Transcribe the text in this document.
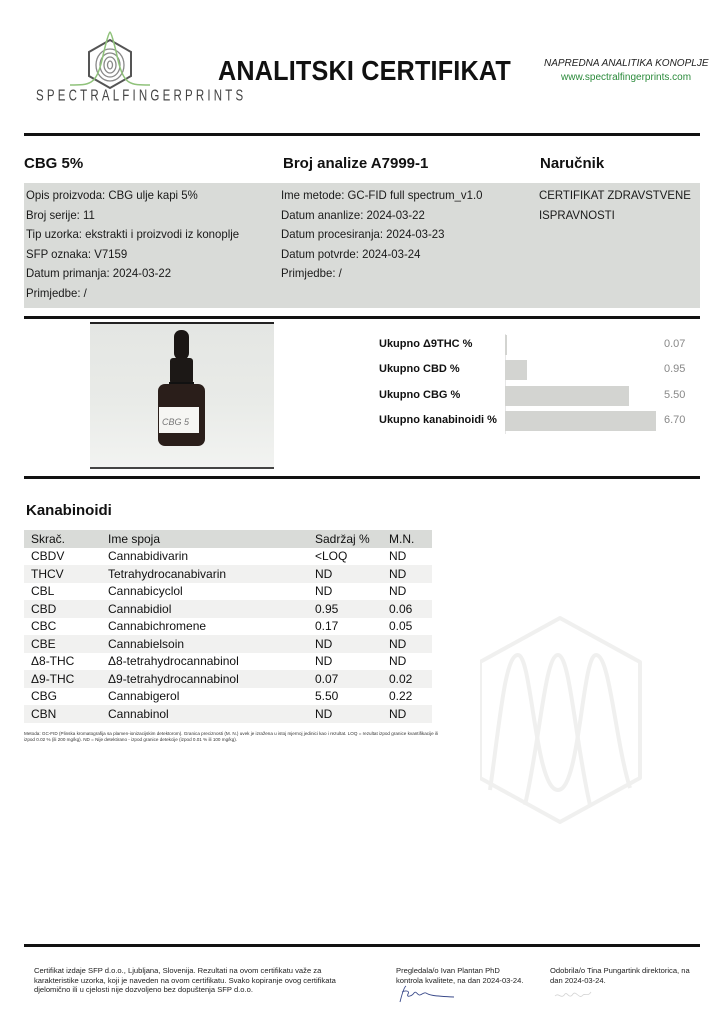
SPECTRALFINGERPRINTS
ANALITSKI CERTIFIKAT	NAPREDNA ANALITIKA KONOPLJE
www.spectralfingerprints.com
CBG 5%	Broj analize A7999-1	Naručnik
Opis proizvoda: CBG ulje kapi 5%
Broj serije: 11
Tip uzorka: ekstrakti i proizvodi iz konoplje
SFP oznaka: V7159
Datum primanja: 2024-03-22
Primjedbe: /
Ime metode: GC-FID full spectrum_v1.0
Datum ananlize: 2024-03-22
Datum procesiranja: 2024-03-23
Datum potvrde: 2024-03-24
Primjedbe: /
CERTIFIKAT ZDRAVSTVENE
ISPRAVNOSTI
CBG 5
Ukupno Δ9THC %	0.07
Ukupno CBD %	0.95
Ukupno CBG %	5.50
Ukupno kanabinoidi %	6.70
Kanabinoidi
Skrač.	Ime spoja	Sadržaj %	M.N.
CBDV	Cannabidivarin	<LOQ	ND
THCV	Tetrahydrocanabivarin	ND	ND
CBL	Cannabicyclol	ND	ND
CBD	Cannabidiol	0.95	0.06
CBC	Cannabichromene	0.17	0.05
CBE	Cannabielsoin	ND	ND
Δ8-THC	Δ8-tetrahydrocannabinol	ND	ND
Δ9-THC	Δ9-tetrahydrocannabinol	0.07	0.02
CBG	Cannabigerol	5.50	0.22
CBN	Cannabinol	ND	ND
Metoda: GC-FID (Plinska kromatografija sa plamen-ionizacijskim detektorom). Granica preciznosti (M. N.) uvek je izražena u istoj mjernoj jedinici kao i rezultat. LOQ = rezultat izpod granice kvantifikacije ili izpod 0.02 % (ili 200 mg/kg). ND = Nije detektirano - izpod granice detekcije (izpod 0.01 % ili 100 mg/kg).
Certifikat izdaje SFP d.o.o., Ljubljana, Slovenija. Rezultati na ovom certifikatu važe za karakteristike uzorka, koji je naveden na ovom certifikatu. Svako kopiranje ovog certifikata djelomično ili u cjelosti nije dozvoljeno bez dopuštenja SFP d.o.o.
Pregledala/o Ivan Plantan PhD kontrola kvalitete, na dan 2024-03-24.
Odobrila/o Tina Pungartink direktorica, na dan 2024-03-24.
